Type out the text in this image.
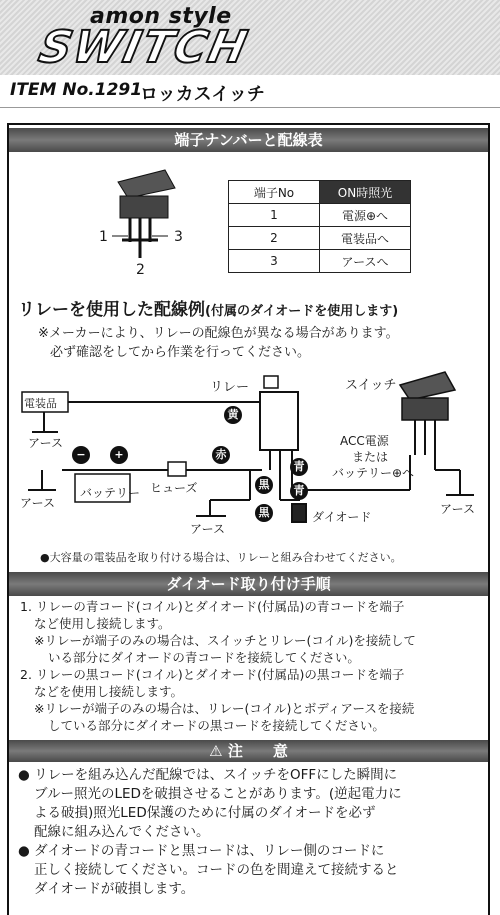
amon style
SWITCH
ITEM No.1291
ロッカスイッチ
端子ナンバーと配線表
1	3
2
端子No	ON時照光
1	電源⊕へ
2	電装品へ
3	アースへ
リレーを使用した配線例(付属のダイオードを使用します)
※メーカーにより、リレーの配線色が異なる場合があります。
必ず確認をしてから作業を行ってください。
電装品
アース
アース
バッテリー
−	+
ヒューズ
リレー	スイッチ
ACC電源
または
バッテリー⊕へ
アース
アース
ダイオード
黄
赤
青
黒
黒
青
●大容量の電装品を取り付ける場合は、リレーと組み合わせてください。
ダイオード取り付け手順
1. リレーの青コード(コイル)とダイオード(付属品)の青コードを端子
など使用し接続します。
※リレーが端子のみの場合は、スイッチとリレー(コイル)を接続して
いる部分にダイオードの青コードを接続してください。
2. リレーの黒コード(コイル)とダイオード(付属品)の黒コードを端子
などを使用し接続します。
※リレーが端子のみの場合は、リレー(コイル)とボディアースを接続
している部分にダイオードの黒コードを接続してください。
⚠ 注　　意
● リレーを組み込んだ配線では、スイッチをOFFにした瞬間に
ブルー照光のLEDを破損させることがあります。(逆起電力に
よる破損)照光LED保護のために付属のダイオードを必ず
配線に組み込んでください。
● ダイオードの青コードと黒コードは、リレー側のコードに
正しく接続してください。コードの色を間違えて接続すると
ダイオードが破損します。
